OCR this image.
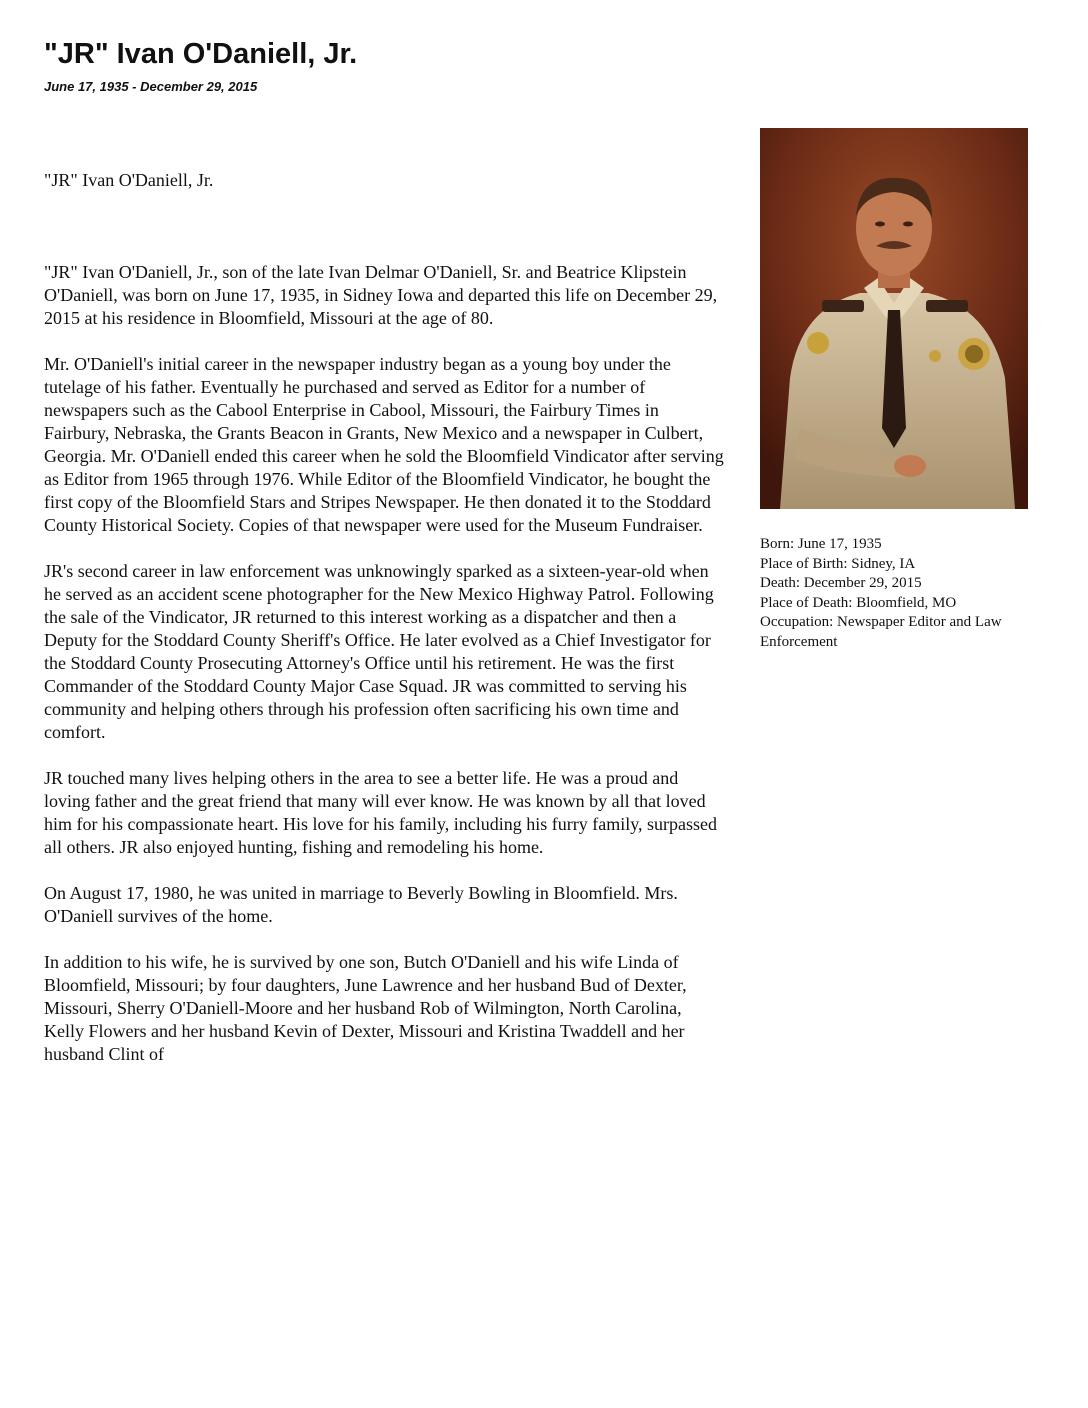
"JR" Ivan O'Daniell, Jr.
June 17, 1935 - December 29, 2015
"JR" Ivan O'Daniell, Jr.

"JR" Ivan O'Daniell, Jr., son of the late Ivan Delmar O'Daniell, Sr. and Beatrice Klipstein O'Daniell, was born on June 17, 1935, in Sidney Iowa and departed this life on December 29, 2015 at his residence in Bloomfield, Missouri at the age of 80.

Mr. O'Daniell's initial career in the newspaper industry began as a young boy under the tutelage of his father. Eventually he purchased and served as Editor for a number of newspapers such as the Cabool Enterprise in Cabool, Missouri, the Fairbury Times in Fairbury, Nebraska, the Grants Beacon in Grants, New Mexico and a newspaper in Culbert, Georgia. Mr. O'Daniell ended this career when he sold the Bloomfield Vindicator after serving as Editor from 1965 through 1976. While Editor of the Bloomfield Vindicator, he bought the first copy of the Bloomfield Stars and Stripes Newspaper. He then donated it to the Stoddard County Historical Society. Copies of that newspaper were used for the Museum Fundraiser.

JR's second career in law enforcement was unknowingly sparked as a sixteen-year-old when he served as an accident scene photographer for the New Mexico Highway Patrol. Following the sale of the Vindicator, JR returned to this interest working as a dispatcher and then a Deputy for the Stoddard County Sheriff's Office. He later evolved as a Chief Investigator for the Stoddard County Prosecuting Attorney's Office until his retirement. He was the first Commander of the Stoddard County Major Case Squad. JR was committed to serving his community and helping others through his profession often sacrificing his own time and comfort.

JR touched many lives helping others in the area to see a better life. He was a proud and loving father and the great friend that many will ever know. He was known by all that loved him for his compassionate heart. His love for his family, including his furry family, surpassed all others. JR also enjoyed hunting, fishing and remodeling his home.

On August 17, 1980, he was united in marriage to Beverly Bowling in Bloomfield. Mrs. O'Daniell survives of the home.

In addition to his wife, he is survived by one son, Butch O'Daniell and his wife Linda of Bloomfield, Missouri; by four daughters, June Lawrence and her husband Bud of Dexter, Missouri, Sherry O'Daniell-Moore and her husband Rob of Wilmington, North Carolina, Kelly Flowers and her husband Kevin of Dexter, Missouri and Kristina Twaddell and her husband Clint of

Born: June 17, 1935
Place of Birth: Sidney, IA
Death: December 29, 2015
Place of Death: Bloomfield, MO
Occupation: Newspaper Editor and Law Enforcement
